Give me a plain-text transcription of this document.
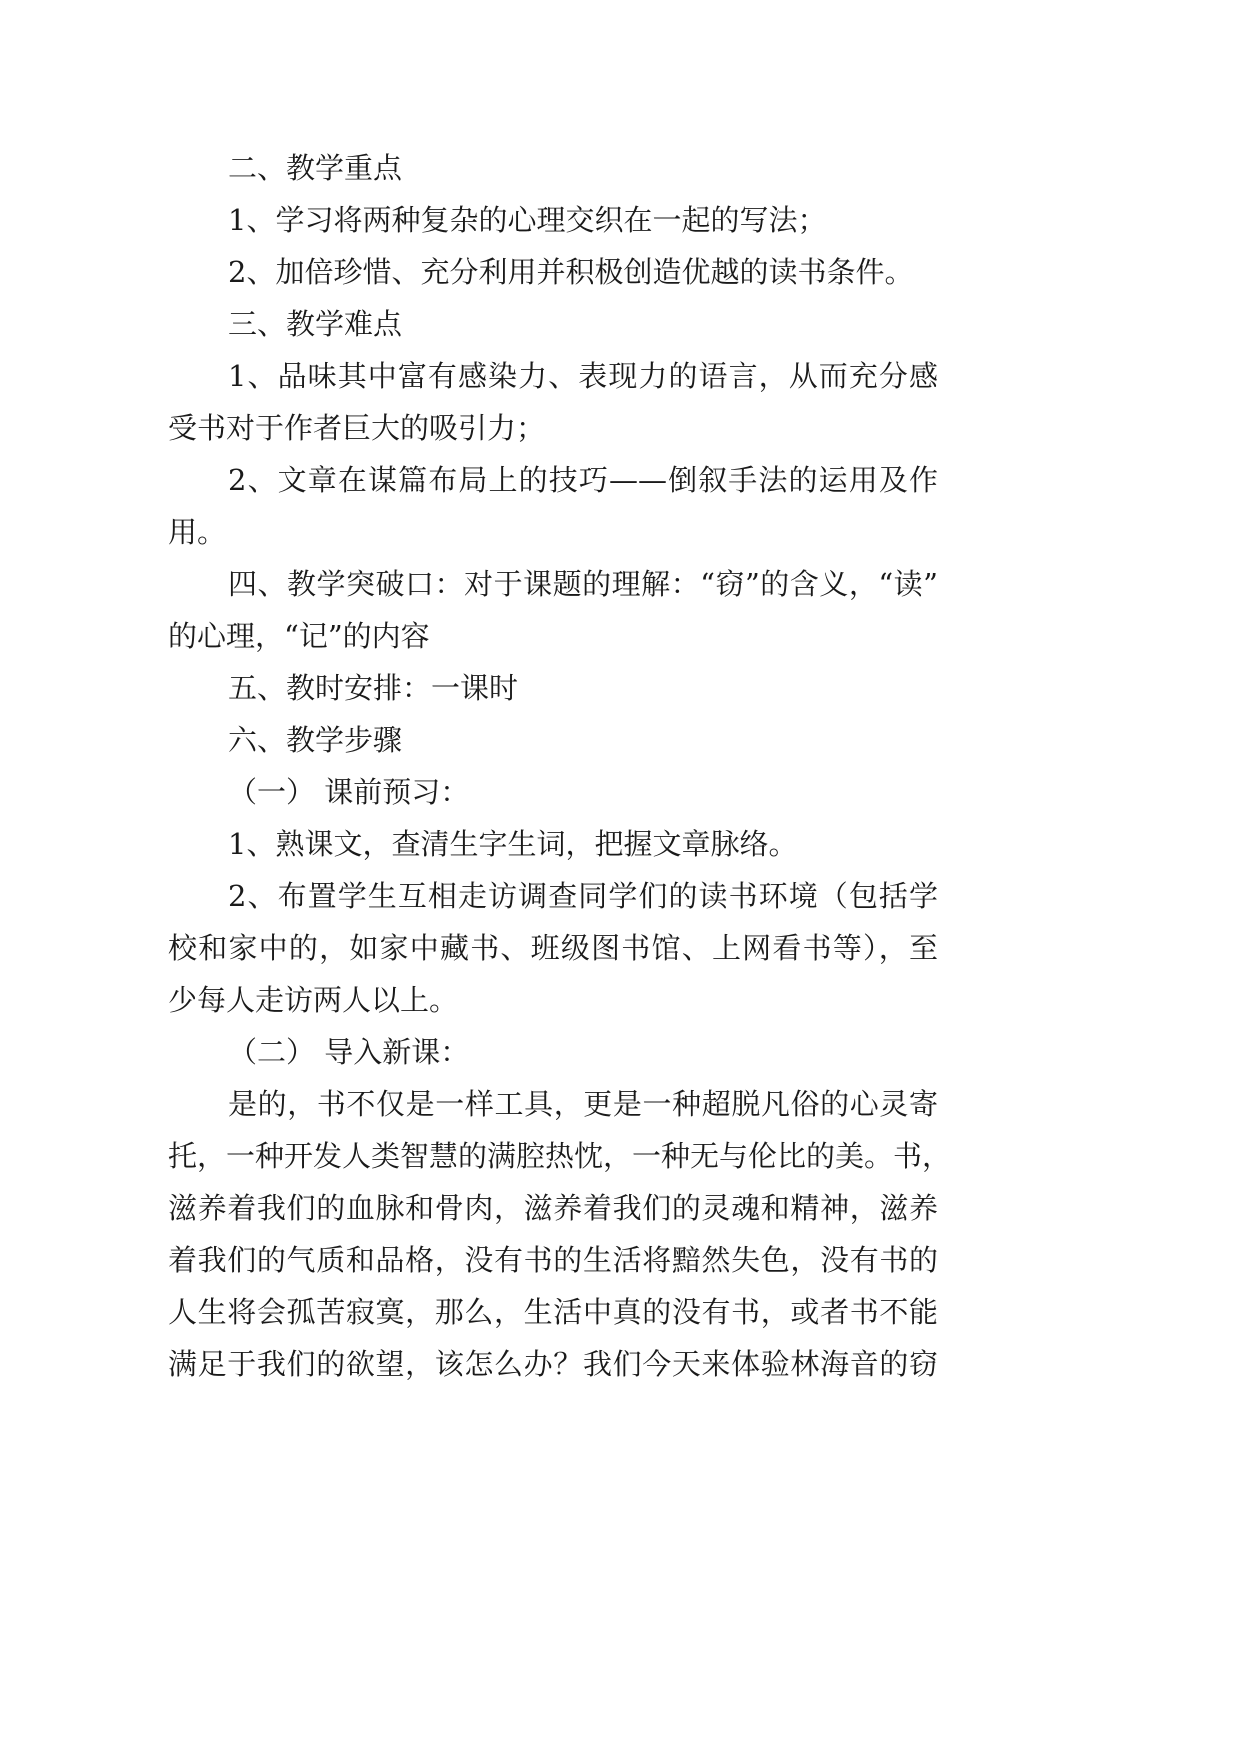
二、教学重点
1、学习将两种复杂的心理交织在一起的写法；
2、加倍珍惜、充分利用并积极创造优越的读书条件。
三、教学难点
1、品味其中富有感染力、表现力的语言，从而充分感
受书对于作者巨大的吸引力；
2、文章在谋篇布局上的技巧——倒叙手法的运用及作
用。
四、教学突破口：对于课题的理解：“窃”的含义，“读”
的心理，“记”的内容
五、教时安排：一课时
六、教学步骤
（一） 课前预习：
1、熟课文，查清生字生词，把握文章脉络。
2、布置学生互相走访调查同学们的读书环境（包括学
校和家中的，如家中藏书、班级图书馆、上网看书等），至
少每人走访两人以上。
（二） 导入新课：
是的，书不仅是一样工具，更是一种超脱凡俗的心灵寄
托，一种开发人类智慧的满腔热忱，一种无与伦比的美。书，
滋养着我们的血脉和骨肉，滋养着我们的灵魂和精神，滋养
着我们的气质和品格，没有书的生活将黯然失色，没有书的
人生将会孤苦寂寞，那么，生活中真的没有书，或者书不能
满足于我们的欲望，该怎么办？我们今天来体验林海音的窃
